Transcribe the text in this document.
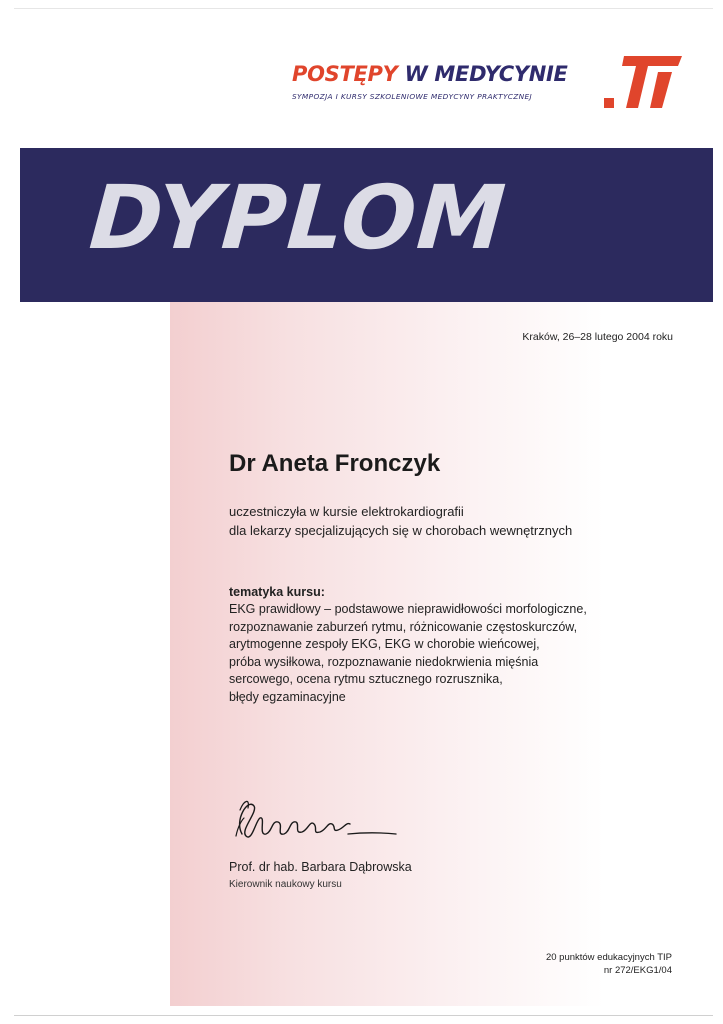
POSTĘPY W MEDYCYNIE
SYMPOZJA I KURSY SZKOLENIOWE MEDYCYNY PRAKTYCZNEJ
DYPLOM
Kraków, 26–28 lutego 2004 roku
Dr Aneta Fronczyk
uczestniczyła w kursie elektrokardiografii
dla lekarzy specjalizujących się w chorobach wewnętrznych
tematyka kursu:
EKG prawidłowy – podstawowe nieprawidłowości morfologiczne,
rozpoznawanie zaburzeń rytmu, różnicowanie częstoskurczów,
arytmogenne zespoły EKG, EKG w chorobie wieńcowej,
próba wysiłkowa, rozpoznawanie niedokrwienia mięśnia
sercowego, ocena rytmu sztucznego rozrusznika,
błędy egzaminacyjne
Prof. dr hab. Barbara Dąbrowska
Kierownik naukowy kursu
20 punktów edukacyjnych TIP
nr 272/EKG1/04
